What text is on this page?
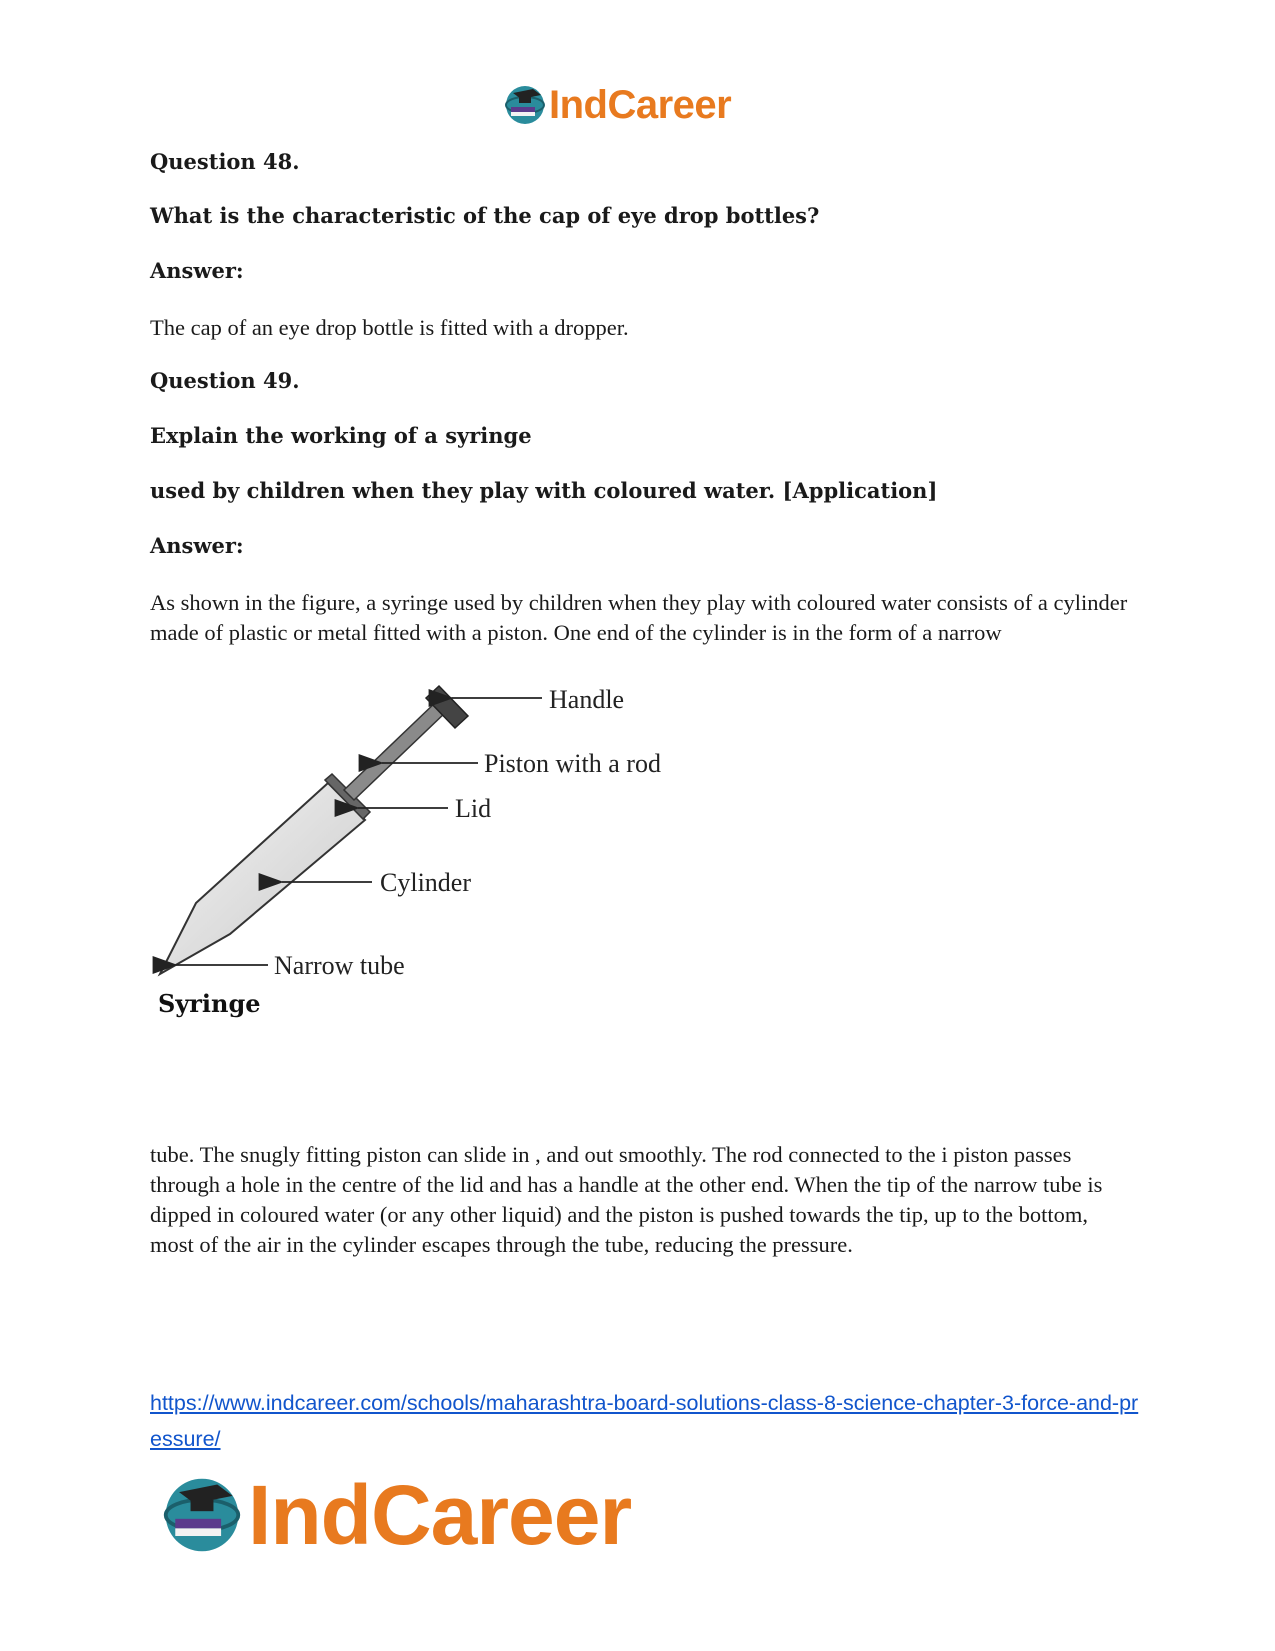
IndCareer
Question 48.
What is the characteristic of the cap of eye drop bottles?
Answer:
The cap of an eye drop bottle is fitted with a dropper.
Question 49.
Explain the working of a syringe
used by children when they play with coloured water. [Application]
Answer:
As shown in the figure, a syringe used by children when they play with coloured water consists of a cylinder made of plastic or metal fitted with a piston. One end of the cylinder is in the form of a narrow
Handle
Piston with a rod
Lid
Cylinder
Narrow tube
Syringe
tube. The snugly fitting piston can slide in , and out smoothly. The rod connected to the i piston passes through a hole in the centre of the lid and has a handle at the other end. When the tip of the narrow tube is dipped in coloured water (or any other liquid) and the piston is pushed towards the tip, up to the bottom, most of the air in the cylinder escapes through the tube, reducing the pressure.
https://www.indcareer.com/schools/maharashtra-board-solutions-class-8-science-chapter-3-force-and-pressure/
IndCareer
